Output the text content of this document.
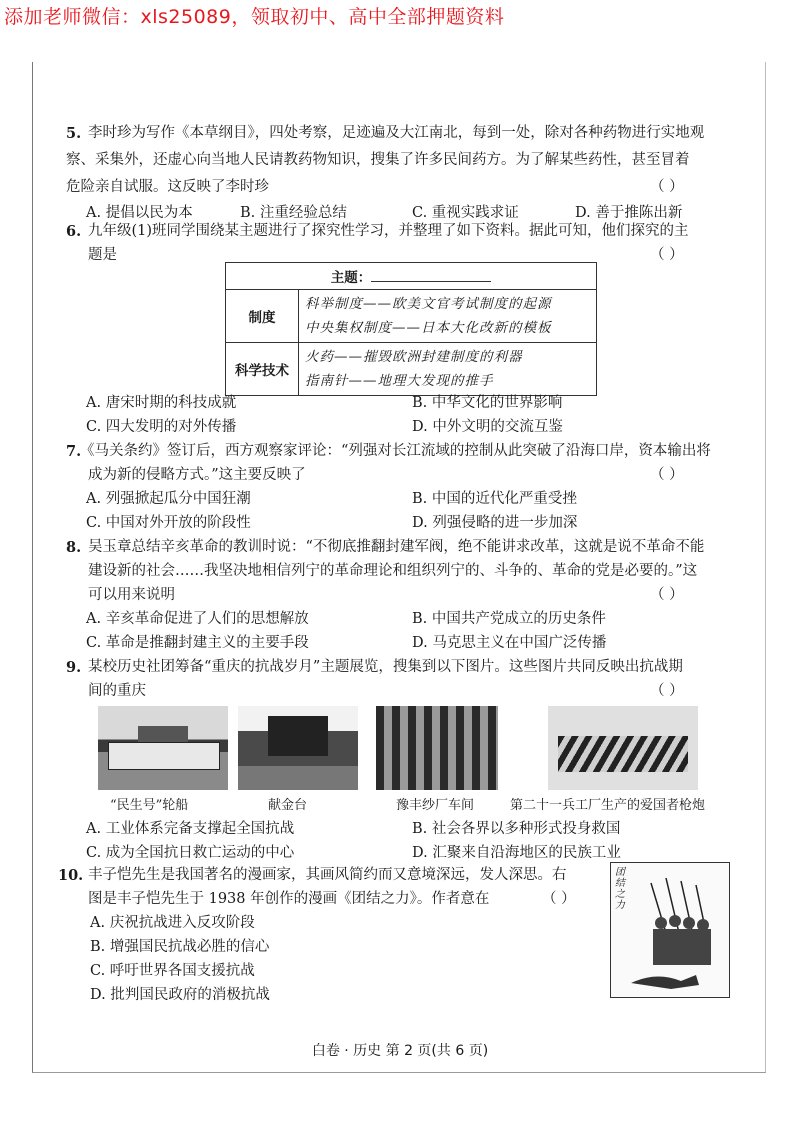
添加老师微信：xls25089，领取初中、高中全部押题资料
5. 李时珍为写作《本草纲目》，四处考察，足迹遍及大江南北，每到一处，除对各种药物进行实地观
察、采集外，还虚心向当地人民请教药物知识，搜集了许多民间药方。为了解某些药性，甚至冒着
危险亲自试服。这反映了李时珍	（ ）
A. 提倡以民为本	B. 注重经验总结	C. 重视实践求证	D. 善于推陈出新
6. 九年级(1)班同学围绕某主题进行了探究性学习，并整理了如下资料。据此可知，他们探究的主
题是	（ ）
主题：	
制度	科举制度——欧美文官考试制度的起源
中央集权制度——日本大化改新的模板

科学技术	火药——摧毁欧洲封建制度的利器
指南针——地理大发现的推手
A. 唐宋时期的科技成就	B. 中华文化的世界影响
C. 四大发明的对外传播	D. 中外文明的交流互鉴
7.
《马关条约》签订后，西方观察家评论：“列强对长江流域的控制从此突破了沿海口岸，资本输出将
成为新的侵略方式。”这主要反映了	（ ）
A. 列强掀起瓜分中国狂潮	B. 中国的近代化严重受挫
C. 中国对外开放的阶段性	D. 列强侵略的进一步加深
8. 吴玉章总结辛亥革命的教训时说：“不彻底推翻封建军阀，绝不能讲求改革，这就是说不革命不能
建设新的社会……我坚决地相信列宁的革命理论和组织列宁的、斗争的、革命的党是必要的。”这
可以用来说明	（ ）
A. 辛亥革命促进了人们的思想解放	B. 中国共产党成立的历史条件
C. 革命是推翻封建主义的主要手段	D. 马克思主义在中国广泛传播
9. 某校历史社团筹备“重庆的抗战岁月”主题展览，搜集到以下图片。这些图片共同反映出抗战期
间的重庆	（ ）
“民生号”轮船	献金台	豫丰纱厂车间	第二十一兵工厂生产的爱国者枪炮
A. 工业体系完备支撑起全国抗战	B. 社会各界以多种形式投身救国
C. 成为全国抗日救亡运动的中心	D. 汇聚来自沿海地区的民族工业
10. 丰子恺先生是我国著名的漫画家，其画风简约而又意境深远，发人深思。右
图是丰子恺先生于 1938 年创作的漫画《团结之力》。作者意在	（ ）
A. 庆祝抗战进入反攻阶段
B. 增强国民抗战必胜的信心
C. 呼吁世界各国支援抗战
D. 批判国民政府的消极抗战
团结之力
白卷 · 历史 第 2 页(共 6 页)
